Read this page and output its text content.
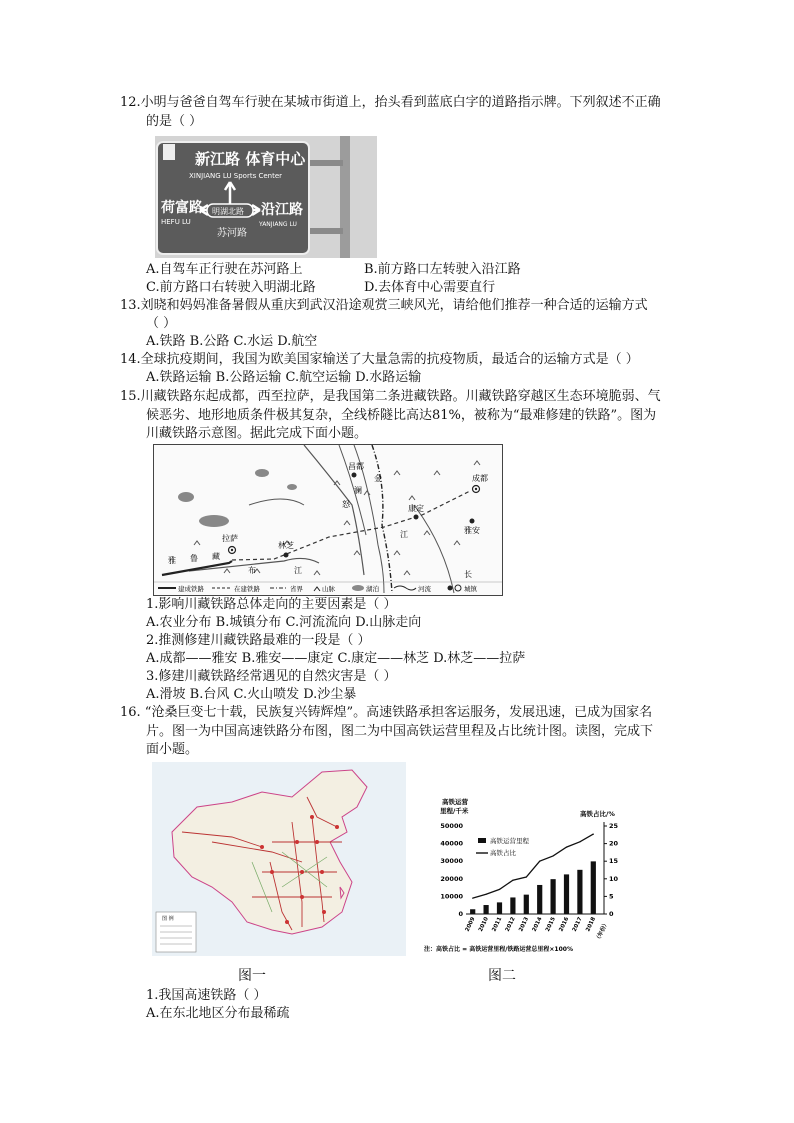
12.小明与爸爸自驾车行驶在某城市街道上，抬头看到蓝底白字的道路指示牌。下列叙述不正确
的是（ ）
新江路 体育中心
XINJIANG LU Sports Center
荷富路
HEFU LU
明湖北路 沿江路
YANJIANG LU
苏河路
A.自驾车正行驶在苏河路上	B.前方路口左转驶入沿江路
C.前方路口右转驶入明湖北路	D.去体育中心需要直行
13.刘晓和妈妈准备暑假从重庆到武汉沿途观赏三峡风光，请给他们推荐一种合适的运输方式
（ ）
A.铁路 B.公路 C.水运 D.航空
14.全球抗疫期间，我国为欧美国家输送了大量急需的抗疫物质，最适合的运输方式是（ ）
A.铁路运输 B.公路运输 C.航空运输 D.水路运输
15.川藏铁路东起成都，西至拉萨，是我国第二条进藏铁路。川藏铁路穿越区生态环境脆弱、气
候恶劣、地形地质条件极其复杂，全线桥隧比高达81%，被称为“最难修建的铁路”。图为
川藏铁路示意图。据此完成下面小题。
拉萨
林芝
昌都
康定
雅安
成都
金
澜
怒
江
长
雅 鲁 藏
布	江
建成铁路	在建铁路	省界	山脉	湖泊	河流	城镇
1.影响川藏铁路总体走向的主要因素是（ ）
A.农业分布 B.城镇分布 C.河流流向 D.山脉走向
2.推测修建川藏铁路最难的一段是（ ）
A.成都——雅安 B.雅安——康定 C.康定——林芝 D.林芝——拉萨
3.修建川藏铁路经常遇见的自然灾害是（ ）
A.滑坡 B.台风 C.火山喷发 D.沙尘暴
16. “沧桑巨变七十载，民族复兴铸辉煌”。高速铁路承担客运服务，发展迅速，已成为国家名
片。图一为中国高速铁路分布图，图二为中国高铁运营里程及占比统计图。读图，完成下
面小题。
图 例
图一
高铁运营
里程/千米	高铁占比/%
高铁运营里程
高铁占比
注：高铁占比 = 高铁运营里程/铁路运营总里程×100%
0
10000
20000
30000
40000
50000
0
5
10
15
20
25
2009 2010 2011 2012 2013 2014 2015 2016 2017 2018
（年份）
图二
1.我国高速铁路（ ）
A.在东北地区分布最稀疏
